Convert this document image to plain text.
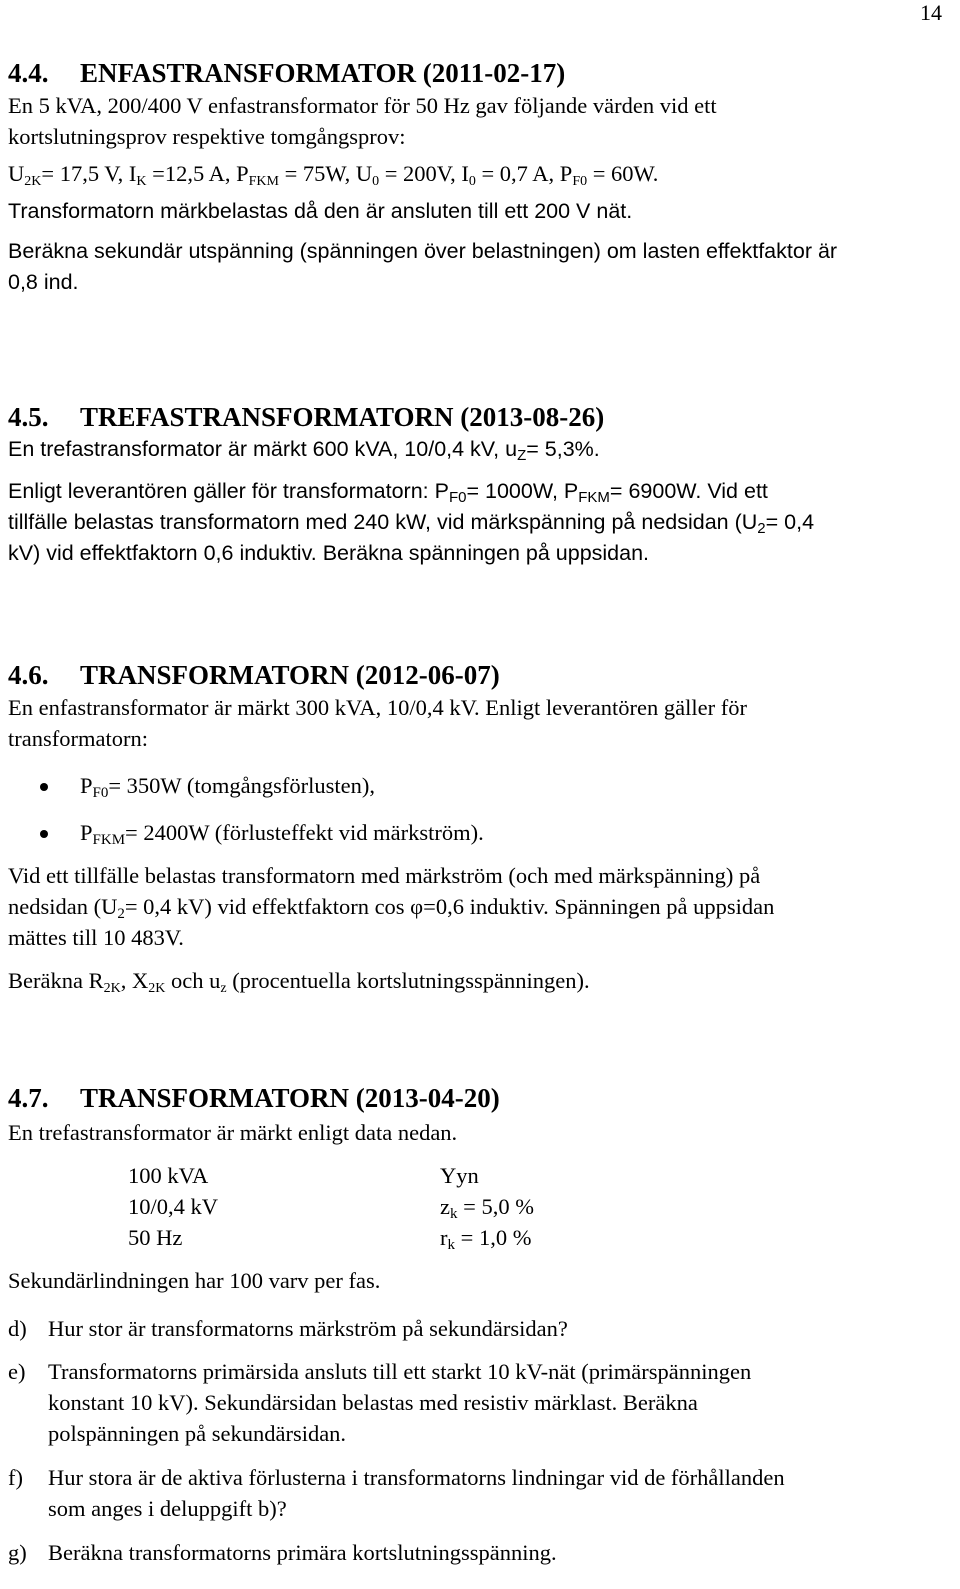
14
4.4. ENFASTRANSFORMATOR (2011-02-17)

En 5 kVA, 200/400 V enfastransformator för 50 Hz gav följande värden vid ett

kortslutningsprov respektive tomgångsprov:

$U_{2K}= 17,5$ V, $I_K =12,5$ A, $P_{FKM} = 75W$, $U_0 = 200V$, $I_0 = 0,7$ A, $P_{F0} = 60W$.

Transformatorn märkbelastas då den är ansluten till ett 200 V nät.

Beräkna sekundär utspänning (spänningen över belastningen) om lasten effektfaktor är

0,8 ind.

4.5. TREFASTRANSFORMATORN (2013-08-26)

En trefastransformator är märkt 600 kVA, 10/0,4 kV, $u_Z= 5,3\%$.

Enligt leverantören gäller för transformatorn: $P_{F0}= 1000W$, $P_{FKM}= 6900W$. Vid ett

tillfälle belastas transformatorn med 240 kW, vid märkspänning på nedsidan ($U_2= 0,4$

kV) vid effektfaktorn 0,6 induktiv. Beräkna spänningen på uppsidan.

4.6. TRANSFORMATORN (2012-06-07)

En enfastransformator är märkt 300 kVA, 10/0,4 kV. Enligt leverantören gäller för

transformatorn:

$P_{F0}= 350W$ (tomgångsförlusten),
$P_{FKM}= 2400W$ (förlusteffekt vid märkström).

Vid ett tillfälle belastas transformatorn med märkström (och med märkspänning) på

nedsidan ($U_2= 0,4$ kV) vid effektfaktorn cos φ=0,6 induktiv. Spänningen på uppsidan

mättes till 10 483V.

Beräkna $R_{2K}$, $X_{2K}$ och $u_z$ (procentuella kortslutningsspänningen).

4.7. TRANSFORMATORN (2013-04-20)

En trefastransformator är märkt enligt data nedan.

100 kVA
10/0,4 kV
50 Hz
Yyn
$z_k = 5,0$ %
$r_k = 1,0$ %

Sekundärlindningen har 100 varv per fas.

d) Hur stor är transformatorns märkström på sekundärsidan?
e) Transformatorns primärsida ansluts till ett starkt 10 kV-nät (primärspänningen
konstant 10 kV). Sekundärsidan belastas med resistiv märklast. Beräkna
polspänningen på sekundärsidan.
f) Hur stora är de aktiva förlusterna i transformatorns lindningar vid de förhållanden
som anges i deluppgift b)?
g) Beräkna transformatorns primära kortslutningsspänning.
